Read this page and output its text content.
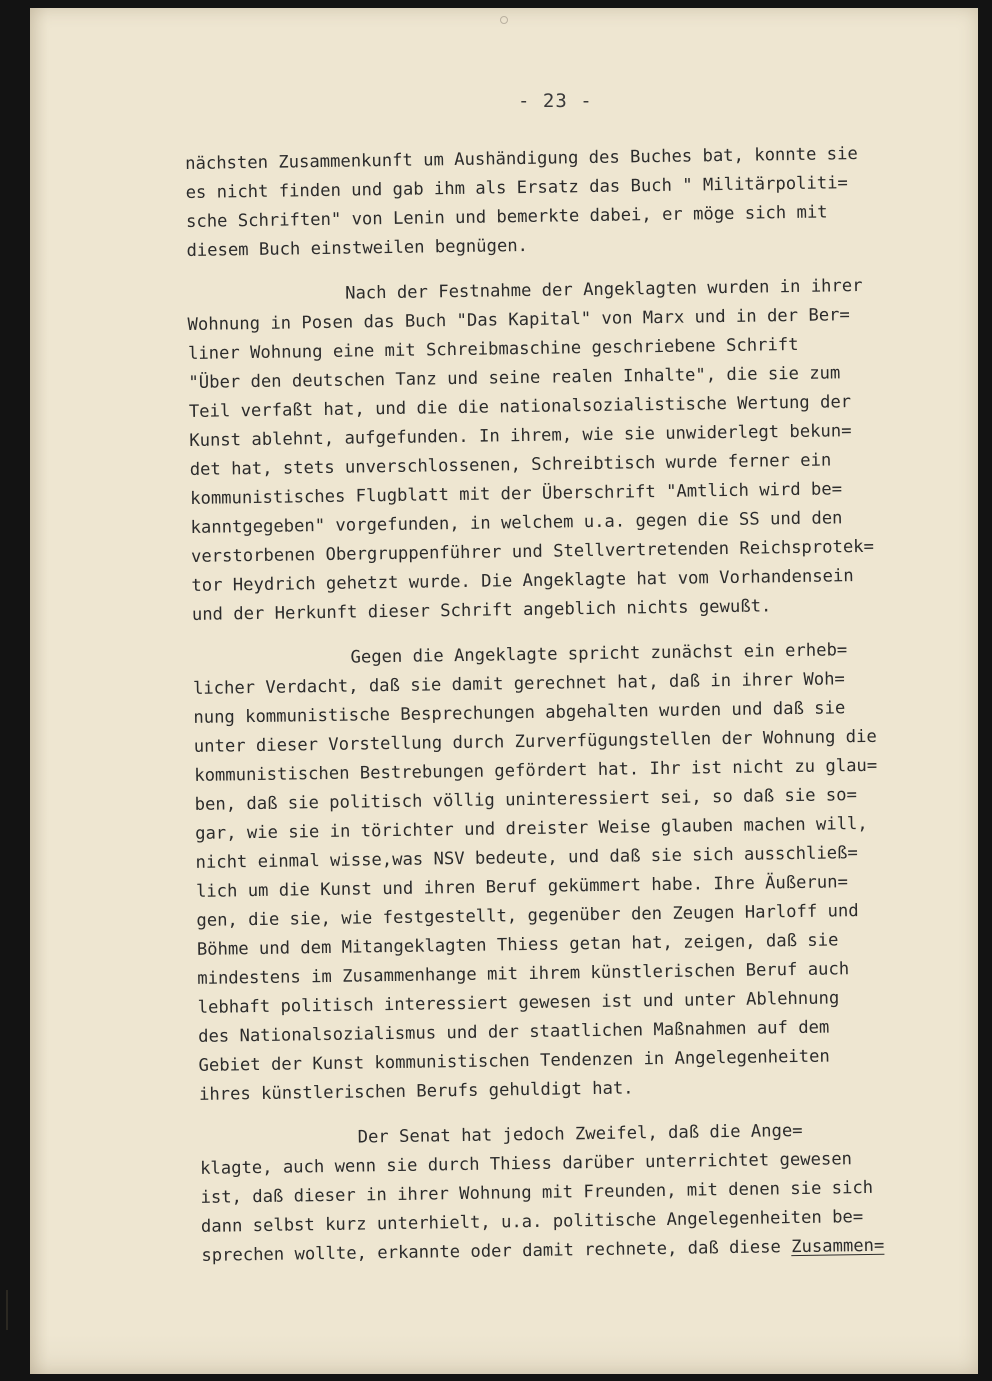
- 23 -
nächsten Zusammenkunft um Aushändigung des Buches bat, konnte sie
es nicht finden und gab ihm als Ersatz das Buch " Militärpoliti=
sche Schriften" von Lenin und bemerkte dabei, er möge sich mit
diesem Buch einstweilen begnügen.
Nach der Festnahme der Angeklagten wurden in ihrer
Wohnung in Posen das Buch "Das Kapital" von Marx und in der Ber=
liner Wohnung eine mit Schreibmaschine geschriebene Schrift
"Über den deutschen Tanz und seine realen Inhalte", die sie zum
Teil verfaßt hat, und die die nationalsozialistische Wertung der
Kunst ablehnt, aufgefunden. In ihrem, wie sie unwiderlegt bekun=
det hat, stets unverschlossenen, Schreibtisch wurde ferner ein
kommunistisches Flugblatt mit der Überschrift "Amtlich wird be=
kanntgegeben" vorgefunden, in welchem u.a. gegen die SS und den
verstorbenen Obergruppenführer und Stellvertretenden Reichsprotek=
tor Heydrich gehetzt wurde. Die Angeklagte hat vom Vorhandensein
und der Herkunft dieser Schrift angeblich nichts gewußt.
Gegen die Angeklagte spricht zunächst ein erheb=
licher Verdacht, daß sie damit gerechnet hat, daß in ihrer Woh=
nung kommunistische Besprechungen abgehalten wurden und daß sie
unter dieser Vorstellung durch Zurverfügungstellen der Wohnung die
kommunistischen Bestrebungen gefördert hat. Ihr ist nicht zu glau=
ben, daß sie politisch völlig uninteressiert sei, so daß sie so=
gar, wie sie in törichter und dreister Weise glauben machen will,
nicht einmal wisse,was NSV bedeute, und daß sie sich ausschließ=
lich um die Kunst und ihren Beruf gekümmert habe. Ihre Äußerun=
gen, die sie, wie festgestellt, gegenüber den Zeugen Harloff und
Böhme und dem Mitangeklagten Thiess getan hat, zeigen, daß sie
mindestens im Zusammenhange mit ihrem künstlerischen Beruf auch
lebhaft politisch interessiert gewesen ist und unter Ablehnung
des Nationalsozialismus und der staatlichen Maßnahmen auf dem
Gebiet der Kunst kommunistischen Tendenzen in Angelegenheiten
ihres künstlerischen Berufs gehuldigt hat.
Der Senat hat jedoch Zweifel, daß die Ange=
klagte, auch wenn sie durch Thiess darüber unterrichtet gewesen
ist, daß dieser in ihrer Wohnung mit Freunden, mit denen sie sich
dann selbst kurz unterhielt, u.a. politische Angelegenheiten be=
sprechen wollte, erkannte oder damit rechnete, daß diese Zusammen=
